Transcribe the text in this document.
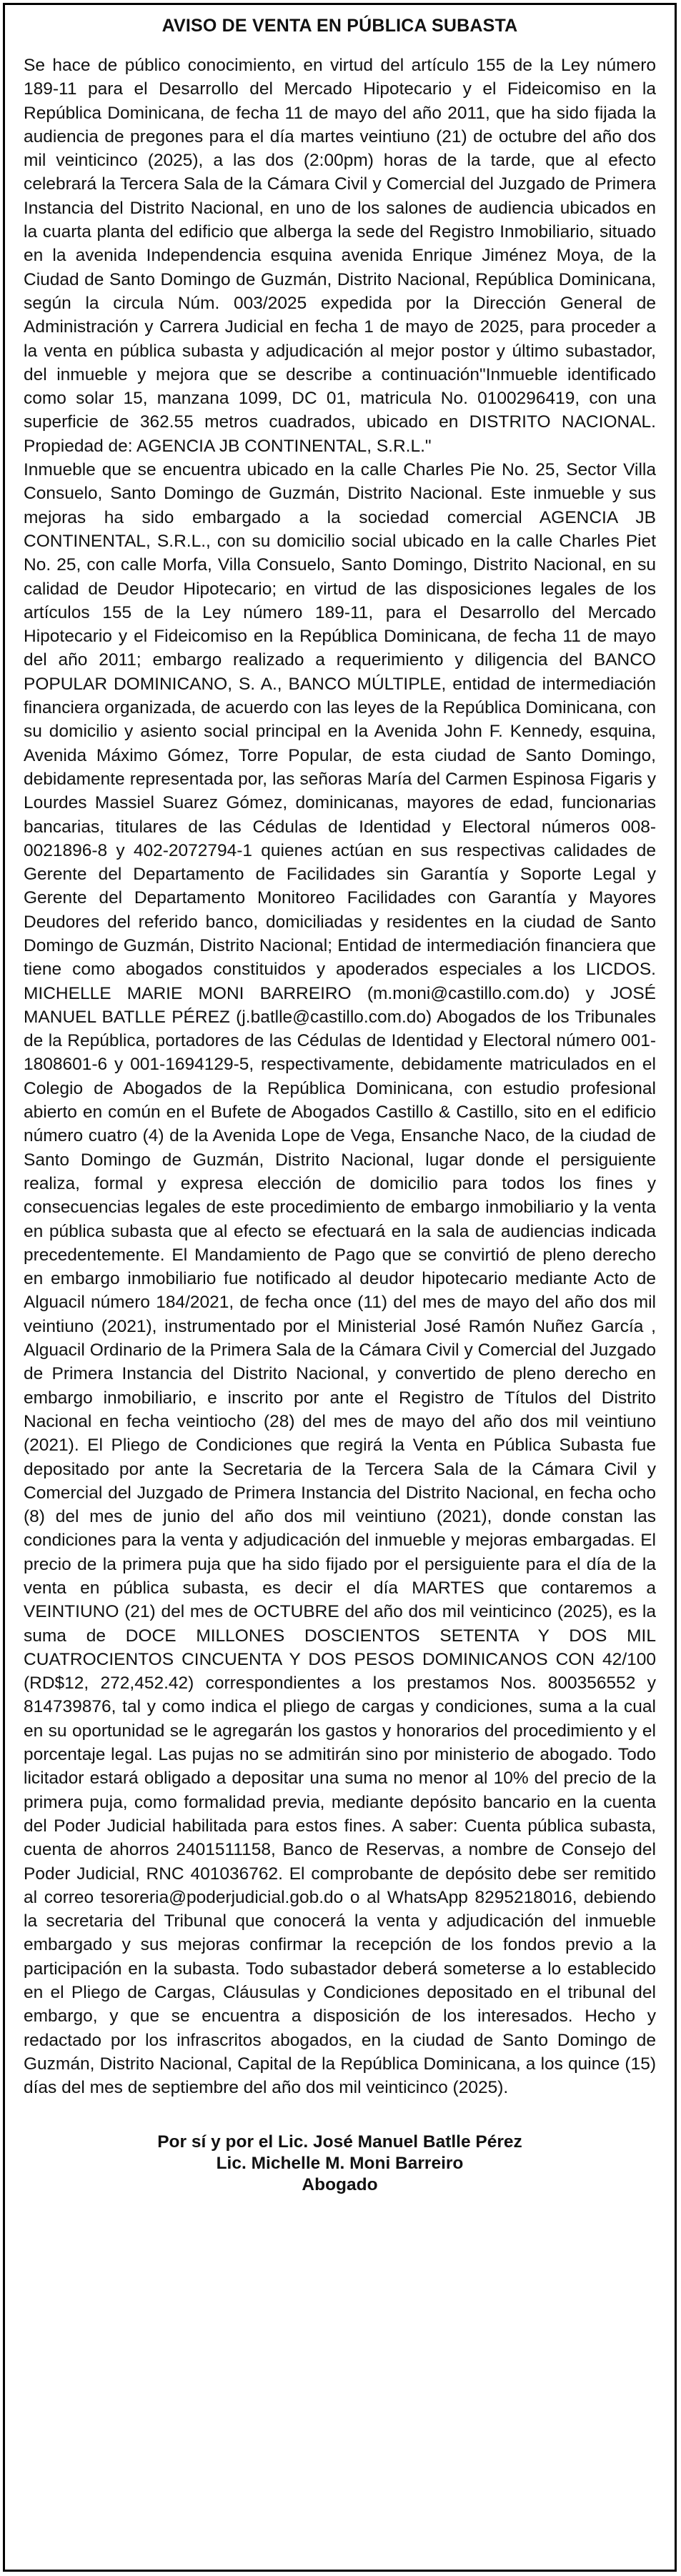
AVISO DE VENTA EN PÚBLICA SUBASTA

Se hace de público conocimiento, en virtud del artículo 155 de la Ley número 189-11 para el Desarrollo del Mercado Hipotecario y el Fideicomiso en la República Dominicana, de fecha 11 de mayo del año 2011, que ha sido fijada la audiencia de pregones para el día martes veintiuno (21) de octubre del año dos mil veinticinco (2025), a las dos (2:00pm) horas de la tarde, que al efecto celebrará la Tercera Sala de la Cámara Civil y Comercial del Juzgado de Primera Instancia del Distrito Nacional, en uno de los salones de audiencia ubicados en la cuarta planta del edificio que alberga la sede del Registro Inmobiliario, situado en la avenida Independencia esquina avenida Enrique Jiménez Moya, de la Ciudad de Santo Domingo de Guzmán, Distrito Nacional, República Dominicana, según la circula Núm. 003/2025 expedida por la Dirección General de Administración y Carrera Judicial en fecha 1 de mayo de 2025, para proceder a la venta en pública subasta y adjudicación al mejor postor y último subastador, del inmueble y mejora que se describe a continuación"Inmueble identificado como solar 15, manzana 1099, DC 01, matricula No. 0100296419, con una superficie de 362.55 metros cuadrados, ubicado en DISTRITO NACIONAL. Propiedad de: AGENCIA JB CONTINENTAL, S.R.L."

Inmueble que se encuentra ubicado en la calle Charles Pie No. 25, Sector Villa Consuelo, Santo Domingo de Guzmán, Distrito Nacional. Este inmueble y sus mejoras ha sido embargado a la sociedad comercial AGENCIA JB CONTINENTAL, S.R.L., con su domicilio social ubicado en la calle Charles Piet No. 25, con calle Morfa, Villa Consuelo, Santo Domingo, Distrito Nacional, en su calidad de Deudor Hipotecario; en virtud de las disposiciones legales de los artículos 155 de la Ley número 189-11, para el Desarrollo del Mercado Hipotecario y el Fideicomiso en la República Dominicana, de fecha 11 de mayo del año 2011; embargo realizado a requerimiento y diligencia del BANCO POPULAR DOMINICANO, S. A., BANCO MÚLTIPLE, entidad de intermediación financiera organizada, de acuerdo con las leyes de la República Dominicana, con su domicilio y asiento social principal en la Avenida John F. Kennedy, esquina, Avenida Máximo Gómez, Torre Popular, de esta ciudad de Santo Domingo, debidamente representada por, las señoras María del Carmen Espinosa Figaris y Lourdes Massiel Suarez Gómez, dominicanas, mayores de edad, funcionarias bancarias, titulares de las Cédulas de Identidad y Electoral números 008-0021896-8 y 402-2072794-1 quienes actúan en sus respectivas calidades de Gerente del Departamento de Facilidades sin Garantía y Soporte Legal y Gerente del Departamento Monitoreo Facilidades con Garantía y Mayores Deudores del referido banco, domiciliadas y residentes en la ciudad de Santo Domingo de Guzmán, Distrito Nacional; Entidad de intermediación financiera que tiene como abogados constituidos y apoderados especiales a los LICDOS. MICHELLE MARIE MONI BARREIRO (m.moni@castillo.com.do) y JOSÉ MANUEL BATLLE PÉREZ (j.batlle@castillo.com.do) Abogados de los Tribunales de la República, portadores de las Cédulas de Identidad y Electoral número 001-1808601-6 y 001-1694129-5, respectivamente, debidamente matriculados en el Colegio de Abogados de la República Dominicana, con estudio profesional abierto en común en el Bufete de Abogados Castillo & Castillo, sito en el edificio número cuatro (4) de la Avenida Lope de Vega, Ensanche Naco, de la ciudad de Santo Domingo de Guzmán, Distrito Nacional, lugar donde el persiguiente realiza, formal y expresa elección de domicilio para todos los fines y consecuencias legales de este procedimiento de embargo inmobiliario y la venta en pública subasta que al efecto se efectuará en la sala de audiencias indicada precedentemente. El Mandamiento de Pago que se convirtió de pleno derecho en embargo inmobiliario fue notificado al deudor hipotecario mediante Acto de Alguacil número 184/2021, de fecha once (11) del mes de mayo del año dos mil veintiuno (2021), instrumentado por el Ministerial José Ramón Nuñez García , Alguacil Ordinario de la Primera Sala de la Cámara Civil y Comercial del Juzgado de Primera Instancia del Distrito Nacional, y convertido de pleno derecho en embargo inmobiliario, e inscrito por ante el Registro de Títulos del Distrito Nacional en fecha veintiocho (28) del mes de mayo del año dos mil veintiuno (2021). El Pliego de Condiciones que regirá la Venta en Pública Subasta fue depositado por ante la Secretaria de la Tercera Sala de la Cámara Civil y Comercial del Juzgado de Primera Instancia del Distrito Nacional, en fecha ocho (8) del mes de junio del año dos mil veintiuno (2021), donde constan las condiciones para la venta y adjudicación del inmueble y mejoras embargadas. El precio de la primera puja que ha sido fijado por el persiguiente para el día de la venta en pública subasta, es decir el día MARTES que contaremos a VEINTIUNO (21) del mes de OCTUBRE del año dos mil veinticinco (2025), es la suma de DOCE MILLONES DOSCIENTOS SETENTA Y DOS MIL CUATROCIENTOS CINCUENTA Y DOS PESOS DOMINICANOS CON 42/100 (RD$12, 272,452.42) correspondientes a los prestamos Nos. 800356552 y 814739876, tal y como indica el pliego de cargas y condiciones, suma a la cual en su oportunidad se le agregarán los gastos y honorarios del procedimiento y el porcentaje legal. Las pujas no se admitirán sino por ministerio de abogado. Todo licitador estará obligado a depositar una suma no menor al 10% del precio de la primera puja, como formalidad previa, mediante depósito bancario en la cuenta del Poder Judicial habilitada para estos fines. A saber: Cuenta pública subasta, cuenta de ahorros 2401511158, Banco de Reservas, a nombre de Consejo del Poder Judicial, RNC 401036762. El comprobante de depósito debe ser remitido al correo tesoreria@poderjudicial.gob.do o al WhatsApp 8295218016, debiendo la secretaria del Tribunal que conocerá la venta y adjudicación del inmueble embargado y sus mejoras confirmar la recepción de los fondos previo a la participación en la subasta. Todo subastador deberá someterse a lo establecido en el Pliego de Cargas, Cláusulas y Condiciones depositado en el tribunal del embargo, y que se encuentra a disposición de los interesados. Hecho y redactado por los infrascritos abogados, en la ciudad de Santo Domingo de Guzmán, Distrito Nacional, Capital de la República Dominicana, a los quince (15) días del mes de septiembre del año dos mil veinticinco (2025).

Por sí y por el Lic. José Manuel Batlle Pérez
Lic. Michelle M. Moni Barreiro
Abogado
